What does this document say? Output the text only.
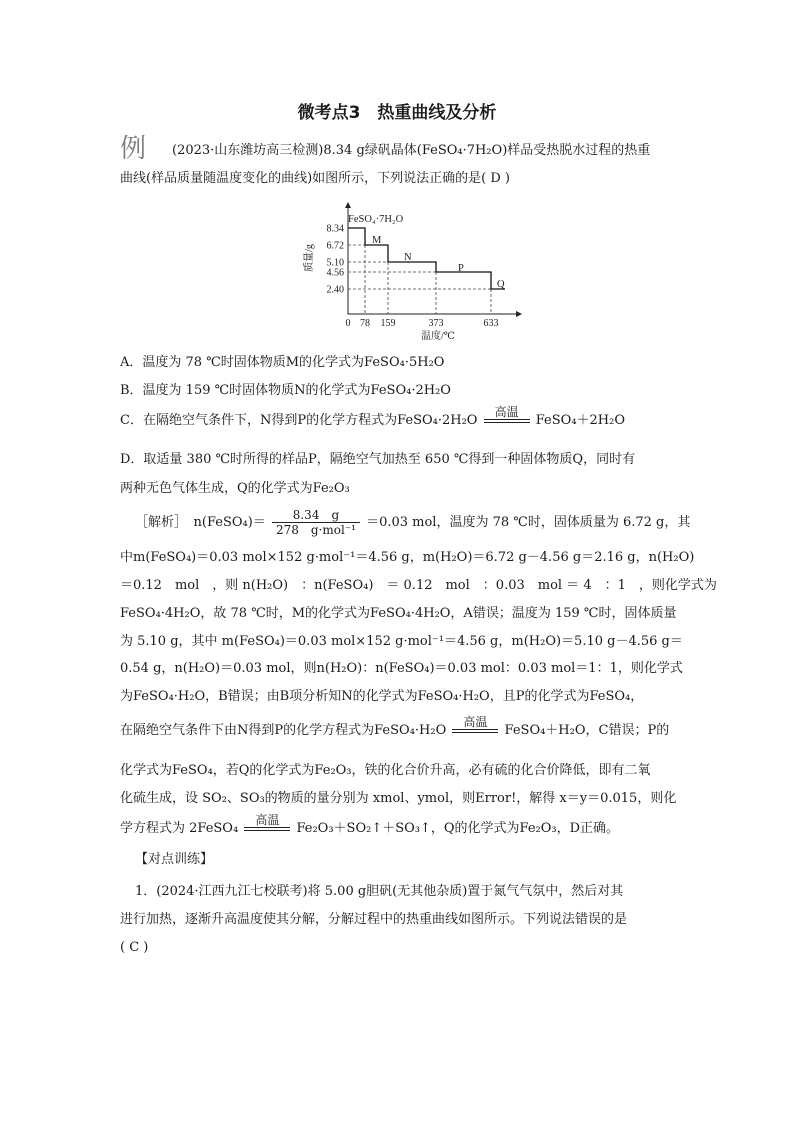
微考点3　热重曲线及分析
例 (2023·山东潍坊高三检测)8.34 g绿矾晶体(FeSO₄·7H₂O)样品受热脱水过程的热重
曲线(样品质量随温度变化的曲线)如图所示，下列说法正确的是( D )
8.34
6.72
5.10
4.56
2.40
0 78 159	373	633
FeSO₄·7H₂O
M
N
P
Q
温度/℃
质量/g
A．温度为 78 ℃时固体物质M的化学式为FeSO₄·5H₂O
B．温度为 159 ℃时固体物质N的化学式为FeSO₄·2H₂O
C．在隔绝空气条件下，N得到P的化学方程式为FeSO₄·2H₂O
高温
FeSO₄＋2H₂O
D．取适量 380 ℃时所得的样品P，隔绝空气加热至 650 ℃得到一种固体物质Q，同时有
两种无色气体生成，Q的化学式为Fe₂O₃
［解析］　n(FeSO₄)＝ $\frac{8.34 g}{\text{278　g·mol⁻¹}} =0.03$ mol，温度为 78 ℃时，固体质量为 6.72 g，其
中m(FeSO₄)＝0.03 mol×152 g·mol⁻¹＝4.56 g，m(H₂O)＝6.72 g－4.56 g＝2.16 g，n(H₂O)
＝0.12　mol　，则 n(H₂O)　：n(FeSO₄)　＝ 0.12　mol　：0.03　mol ＝ 4　：1　，则化学式为
FeSO₄·4H₂O，故 78 ℃时，M的化学式为FeSO₄·4H₂O，A错误；温度为 159 ℃时，固体质量
为 5.10 g，其中 m(FeSO₄)＝0.03 mol×152 g·mol⁻¹＝4.56 g，m(H₂O)＝5.10 g－4.56 g＝
0.54 g，n(H₂O)＝0.03 mol，则n(H₂O)：n(FeSO₄)＝0.03 mol：0.03 mol＝1：1，则化学式
为FeSO₄·H₂O，B错误；由B项分析知N的化学式为FeSO₄·H₂O，且P的化学式为FeSO₄，
在隔绝空气条件下由N得到P的化学方程式为FeSO₄·H₂O
高温
FeSO₄＋H₂O，C错误；P的
化学式为FeSO₄，若Q的化学式为Fe₂O₃，铁的化合价升高，必有硫的化合价降低，即有二氧
化硫生成，设 SO₂、SO₃的物质的量分别为 xmol、ymol，则Error!，解得 x＝y＝0.015，则化
学方程式为 2FeSO₄
高温
Fe₂O₃＋SO₂↑＋SO₃↑，Q的化学式为Fe₂O₃，D正确。
【对点训练】
1．(2024·江西九江七校联考)将 5.00 g胆矾(无其他杂质)置于氮气气氛中，然后对其
进行加热，逐渐升高温度使其分解，分解过程中的热重曲线如图所示。下列说法错误的是
( C )
